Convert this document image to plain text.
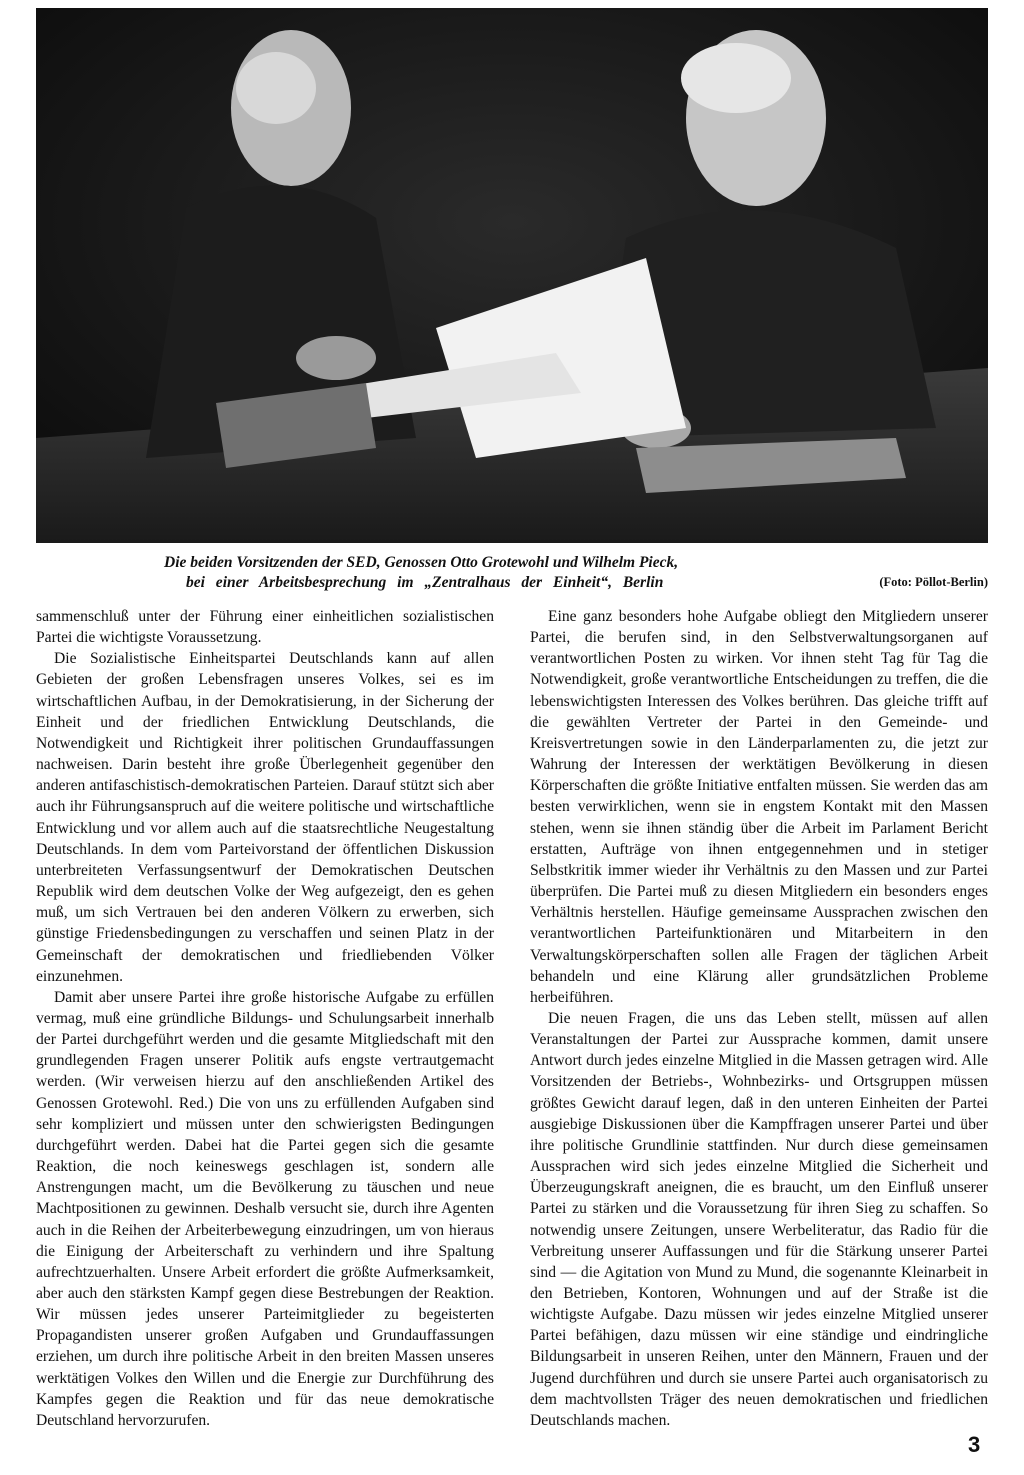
Die beiden Vorsitzenden der SED, Genossen Otto Grotewohl und Wilhelm Pieck,
bei einer Arbeitsbesprechung im „Zentralhaus der Einheit“, Berlin	(Foto: Pöllot-Berlin)

sammenschluß unter der Führung einer einheitlichen sozialistischen Partei die wichtigste Voraussetzung.

Die Sozialistische Einheitspartei Deutschlands kann auf allen Gebieten der großen Lebensfragen unseres Volkes, sei es im wirtschaftlichen Aufbau, in der Demokratisierung, in der Sicherung der Einheit und der friedlichen Entwicklung Deutschlands, die Notwendigkeit und Richtigkeit ihrer politischen Grundauffassungen nachweisen. Darin besteht ihre große Überlegenheit gegenüber den anderen antifaschistisch-demokratischen Parteien. Darauf stützt sich aber auch ihr Führungsanspruch auf die weitere politische und wirtschaftliche Entwicklung und vor allem auch auf die staatsrechtliche Neugestaltung Deutschlands. In dem vom Parteivorstand der öffentlichen Diskussion unterbreiteten Verfassungsentwurf der Demokratischen Deutschen Republik wird dem deutschen Volke der Weg aufgezeigt, den es gehen muß, um sich Vertrauen bei den anderen Völkern zu erwerben, sich günstige Friedensbedingungen zu verschaffen und seinen Platz in der Gemeinschaft der demokratischen und friedliebenden Völker einzunehmen.

Damit aber unsere Partei ihre große historische Aufgabe zu erfüllen vermag, muß eine gründliche Bildungs- und Schulungsarbeit innerhalb der Partei durchgeführt werden und die gesamte Mitgliedschaft mit den grundlegenden Fragen unserer Politik aufs engste vertrautgemacht werden. (Wir verweisen hierzu auf den anschließenden Artikel des Genossen Grotewohl. Red.) Die von uns zu erfüllenden Aufgaben sind sehr kompliziert und müssen unter den schwierigsten Bedingungen durchgeführt werden. Dabei hat die Partei gegen sich die gesamte Reaktion, die noch keineswegs geschlagen ist, sondern alle Anstrengungen macht, um die Bevölkerung zu täuschen und neue Machtpositionen zu gewinnen. Deshalb versucht sie, durch ihre Agenten auch in die Reihen der Arbeiterbewegung einzudringen, um von hieraus die Einigung der Arbeiterschaft zu verhindern und ihre Spaltung aufrechtzuerhalten. Unsere Arbeit erfordert die größte Aufmerksamkeit, aber auch den stärksten Kampf gegen diese Bestrebungen der Reaktion. Wir müssen jedes unserer Parteimitglieder zu begeisterten Propagandisten unserer großen Aufgaben und Grundauffassungen erziehen, um durch ihre politische Arbeit in den breiten Massen unseres werktätigen Volkes den Willen und die Energie zur Durchführung des Kampfes gegen die Reaktion und für das neue demokratische Deutschland hervorzurufen.

Eine ganz besonders hohe Aufgabe obliegt den Mitgliedern unserer Partei, die berufen sind, in den Selbstverwaltungsorganen auf verantwortlichen Posten zu wirken. Vor ihnen steht Tag für Tag die Notwendigkeit, große verantwortliche Entscheidungen zu treffen, die die lebenswichtigsten Interessen des Volkes berühren. Das gleiche trifft auf die gewählten Vertreter der Partei in den Gemeinde- und Kreisvertretungen sowie in den Länderparlamenten zu, die jetzt zur Wahrung der Interessen der werktätigen Bevölkerung in diesen Körperschaften die größte Initiative entfalten müssen. Sie werden das am besten verwirklichen, wenn sie in engstem Kontakt mit den Massen stehen, wenn sie ihnen ständig über die Arbeit im Parlament Bericht erstatten, Aufträge von ihnen entgegennehmen und in stetiger Selbstkritik immer wieder ihr Verhältnis zu den Massen und zur Partei überprüfen. Die Partei muß zu diesen Mitgliedern ein besonders enges Verhältnis herstellen. Häufige gemeinsame Aussprachen zwischen den verantwortlichen Parteifunktionären und Mitarbeitern in den Verwaltungskörperschaften sollen alle Fragen der täglichen Arbeit behandeln und eine Klärung aller grundsätzlichen Probleme herbeiführen.

Die neuen Fragen, die uns das Leben stellt, müssen auf allen Veranstaltungen der Partei zur Aussprache kommen, damit unsere Antwort durch jedes einzelne Mitglied in die Massen getragen wird. Alle Vorsitzenden der Betriebs-, Wohnbezirks- und Ortsgruppen müssen größtes Gewicht darauf legen, daß in den unteren Einheiten der Partei ausgiebige Diskussionen über die Kampffragen unserer Partei und über ihre politische Grundlinie stattfinden. Nur durch diese gemeinsamen Aussprachen wird sich jedes einzelne Mitglied die Sicherheit und Überzeugungskraft aneignen, die es braucht, um den Einfluß unserer Partei zu stärken und die Voraussetzung für ihren Sieg zu schaffen. So notwendig unsere Zeitungen, unsere Werbeliteratur, das Radio für die Verbreitung unserer Auffassungen und für die Stärkung unserer Partei sind — die Agitation von Mund zu Mund, die sogenannte Kleinarbeit in den Betrieben, Kontoren, Wohnungen und auf der Straße ist die wichtigste Aufgabe. Dazu müssen wir jedes einzelne Mitglied unserer Partei befähigen, dazu müssen wir eine ständige und eindringliche Bildungsarbeit in unseren Reihen, unter den Männern, Frauen und der Jugend durchführen und durch sie unsere Partei auch organisatorisch zu dem machtvollsten Träger des neuen demokratischen und friedlichen Deutschlands machen.

3
